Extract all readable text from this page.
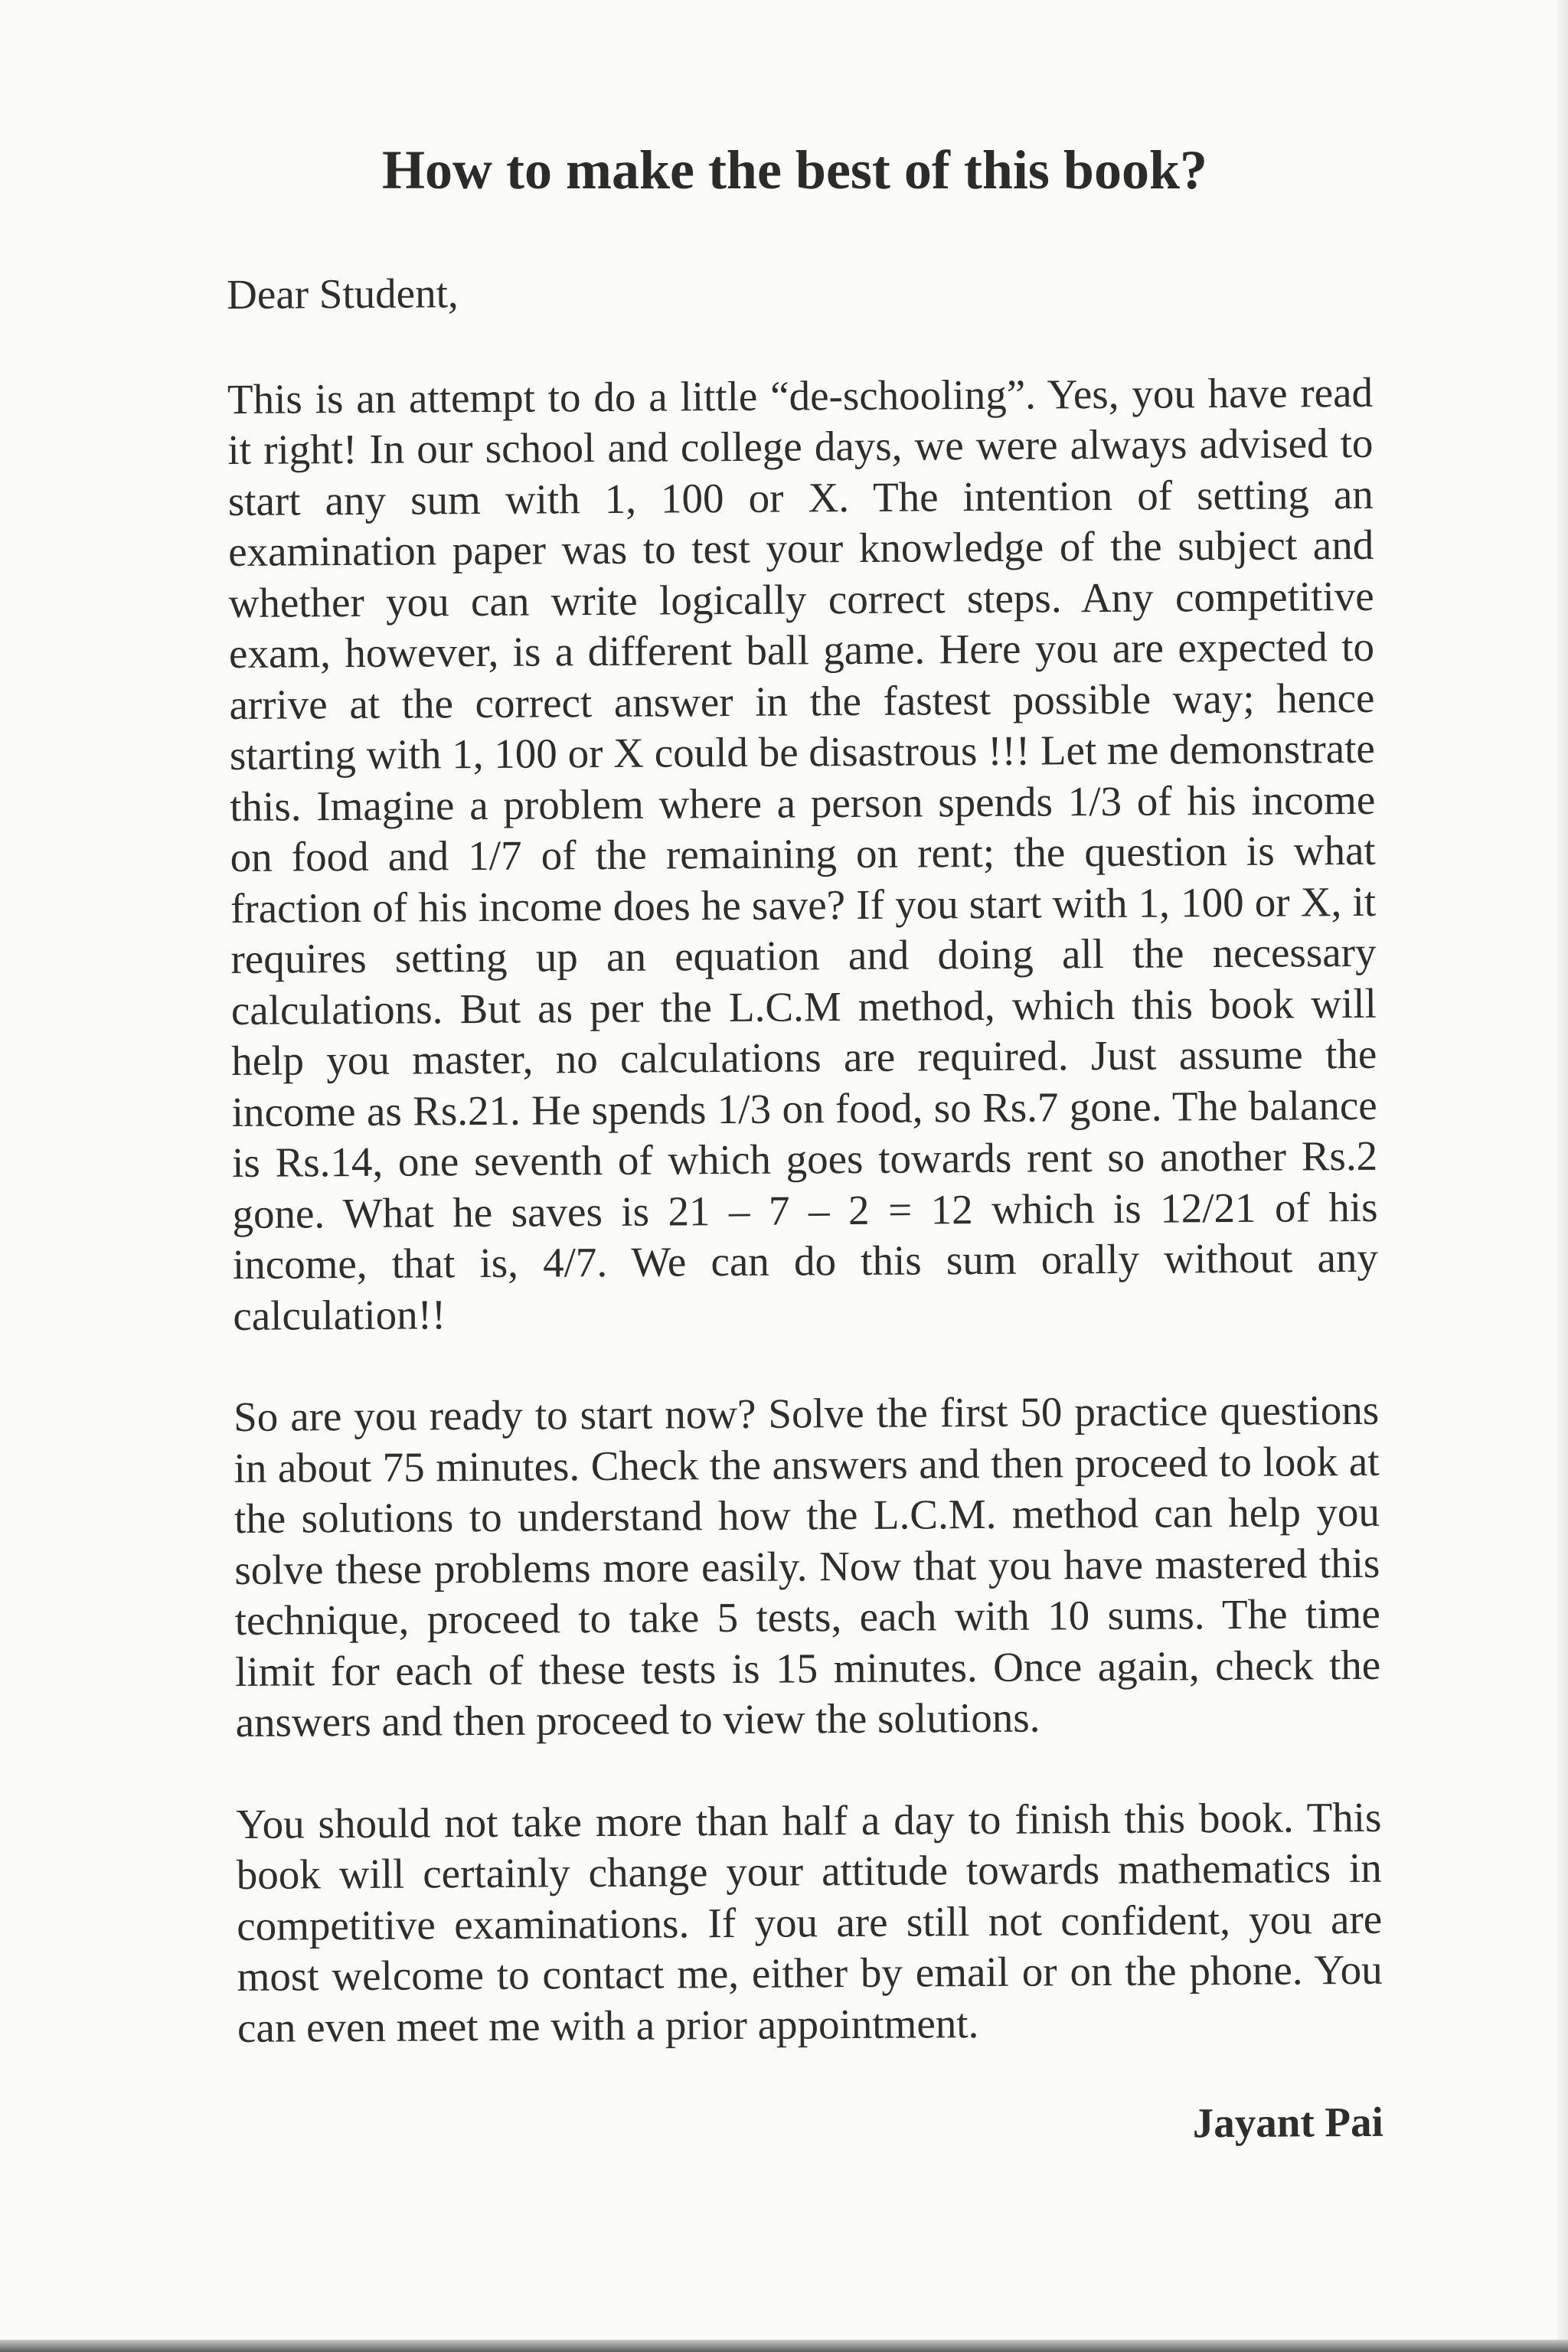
How to make the best of this book?

Dear Student,

This is an attempt to do a little “de-schooling”. Yes, you have read it right! In our school and college days, we were always advised to start any sum with 1, 100 or X. The intention of setting an examination paper was to test your knowledge of the subject and whether you can write logically correct steps. Any competitive exam, however, is a different ball game. Here you are expected to arrive at the correct answer in the fastest possible way; hence starting with 1, 100 or X could be disastrous !!! Let me demonstrate this. Imagine a problem where a person spends 1/3 of his income on food and 1/7 of the remaining on rent; the question is what fraction of his income does he save? If you start with 1, 100 or X, it requires setting up an equation and doing all the necessary calculations. But as per the L.C.M method, which this book will help you master, no calculations are required. Just assume the income as Rs.21. He spends 1/3 on food, so Rs.7 gone. The balance is Rs.14, one seventh of which goes towards rent so another Rs.2 gone. What he saves is 21 – 7 – 2 = 12 which is 12/21 of his income, that is, 4/7. We can do this sum orally without any calculation!!

So are you ready to start now? Solve the first 50 practice questions in about 75 minutes. Check the answers and then proceed to look at the solutions to understand how the L.C.M. method can help you solve these problems more easily. Now that you have mastered this technique, proceed to take 5 tests, each with 10 sums. The time limit for each of these tests is 15 minutes. Once again, check the answers and then proceed to view the solutions.

You should not take more than half a day to finish this book. This book will certainly change your attitude towards mathematics in competitive examinations. If you are still not confident, you are most welcome to contact me, either by email or on the phone. You can even meet me with a prior appointment.

Jayant Pai
